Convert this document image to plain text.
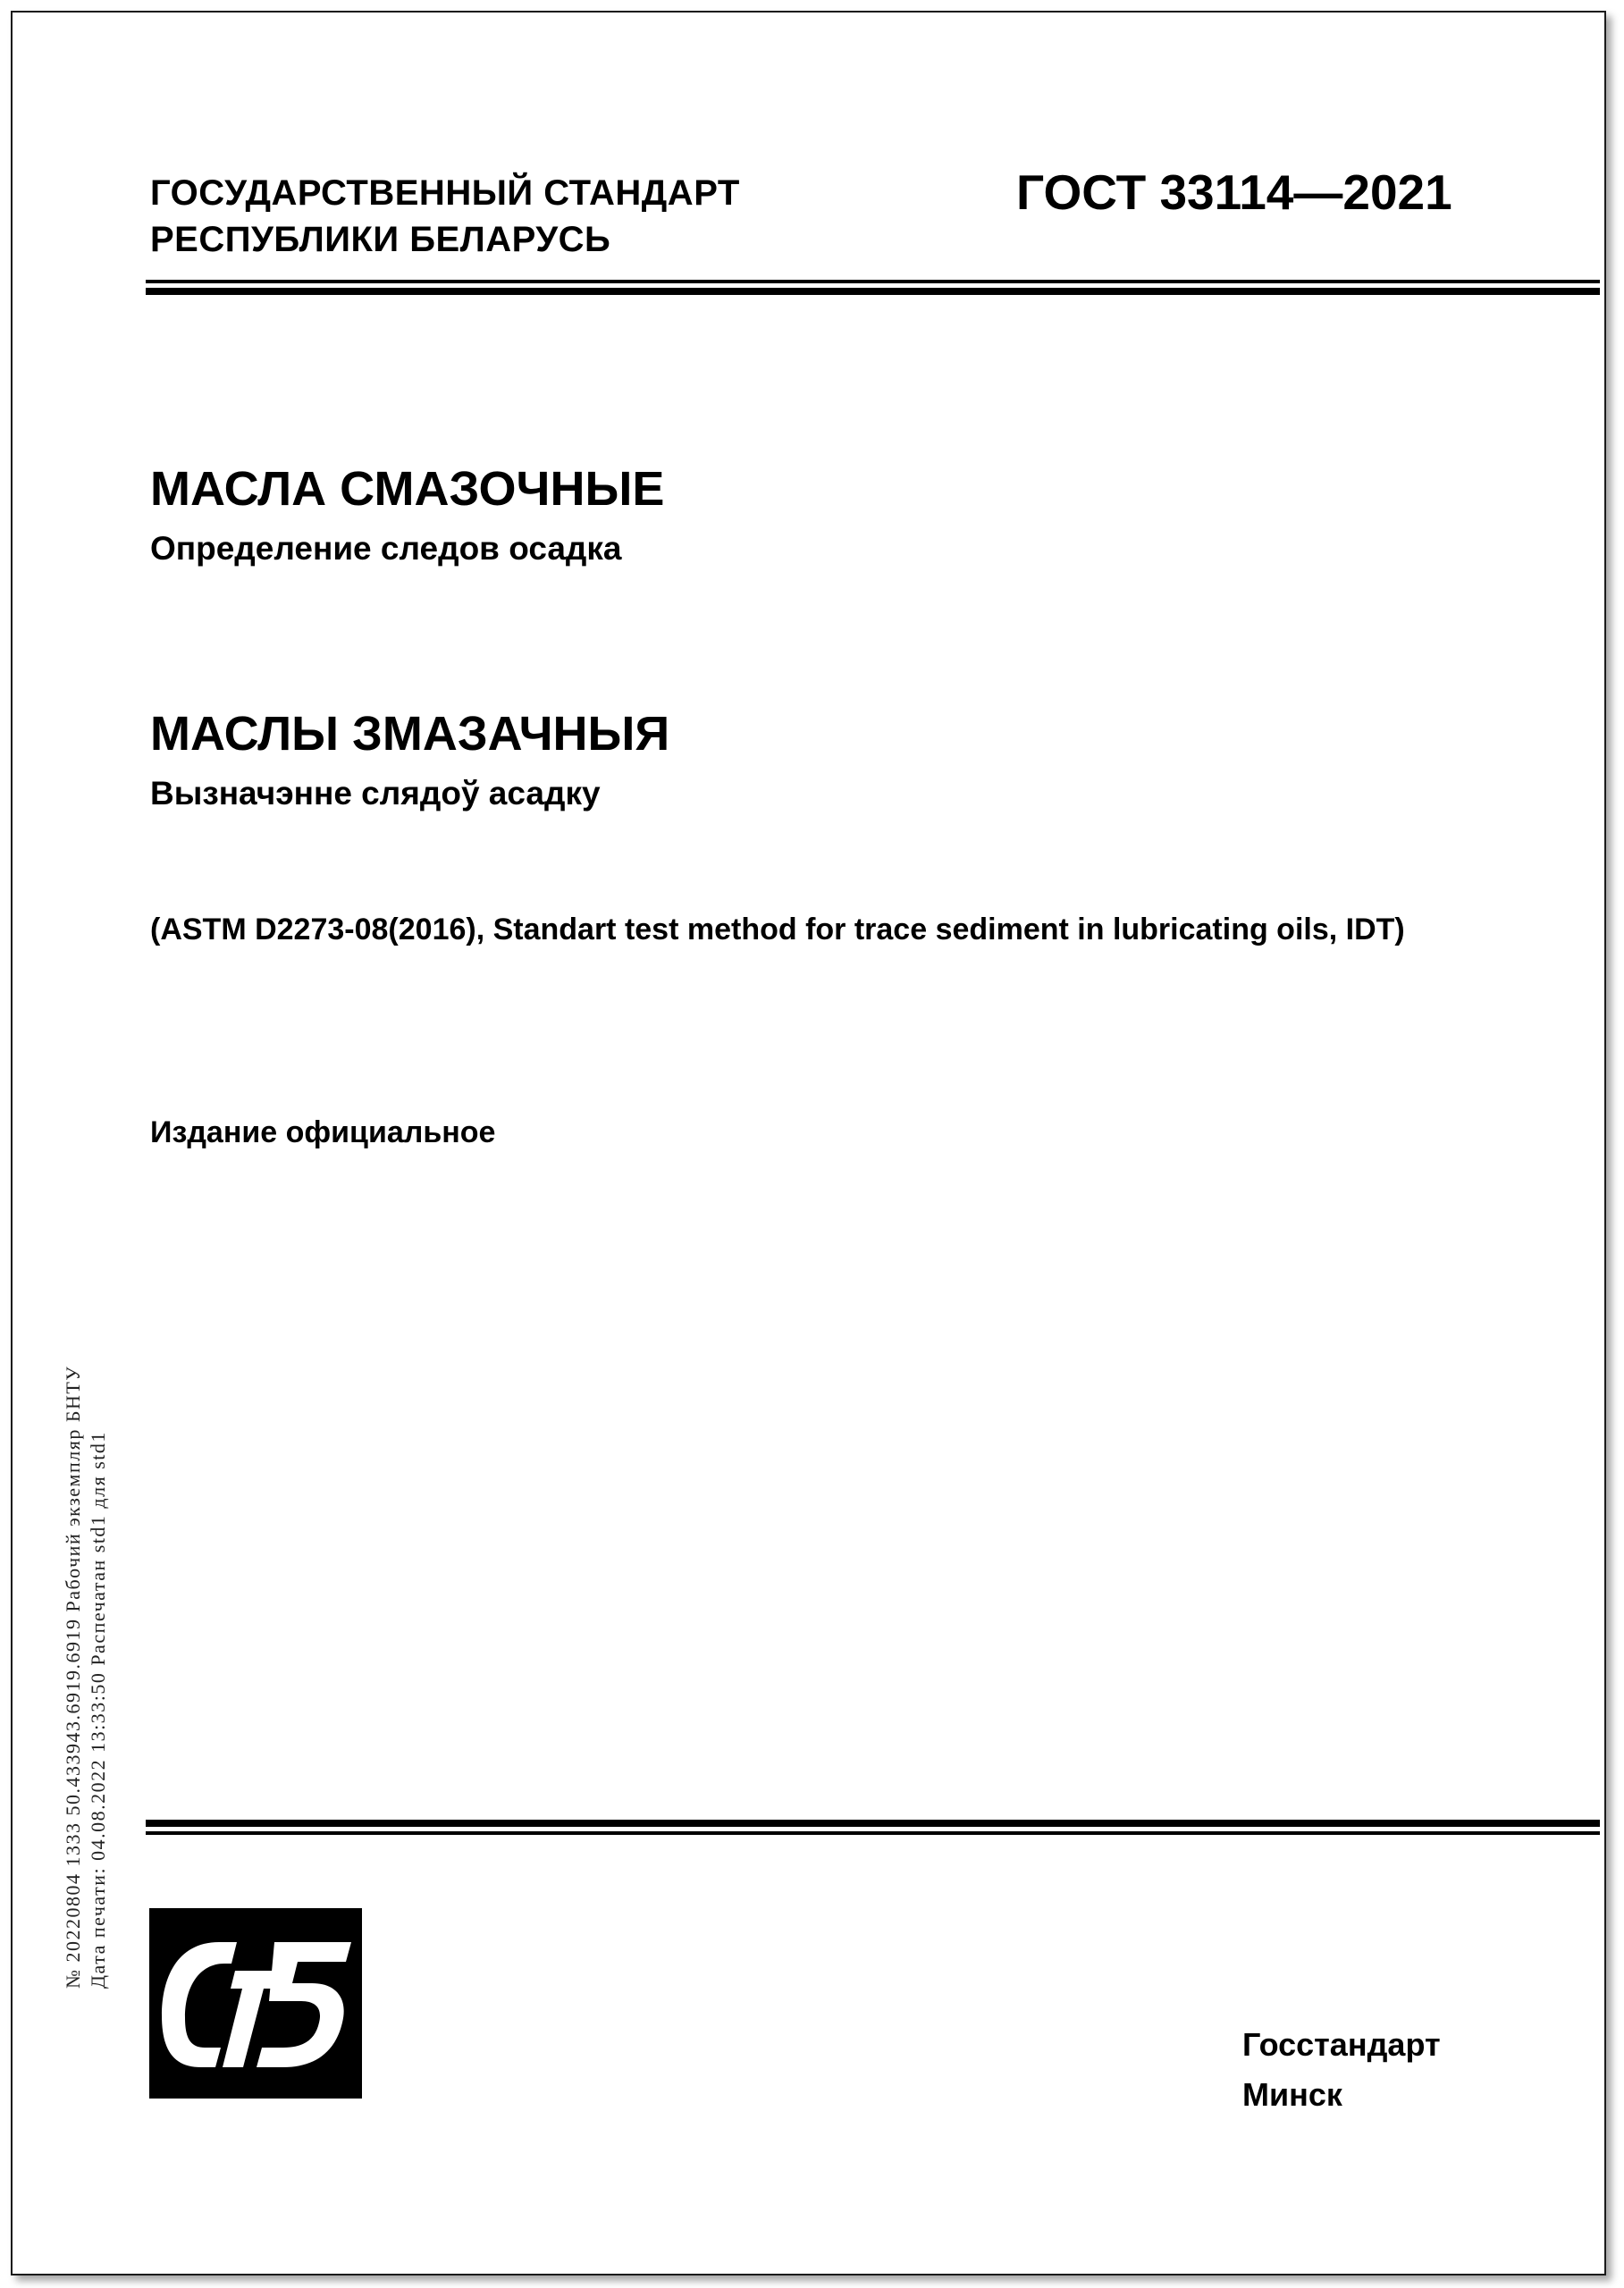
ГОСУДАРСТВЕННЫЙ СТАНДАРТ
РЕСПУБЛИКИ БЕЛАРУСЬ
ГОСТ 33114—2021
МАСЛА СМАЗОЧНЫЕ
Определение следов осадка
МАСЛЫ ЗМАЗАЧНЫЯ
Вызначэнне слядоў асадку
(ASTM D2273-08(2016), Standart test method for trace sediment in lubricating oils, IDT)
Издание официальное
№ 20220804 1333 50.433943.6919.6919 Рабочий экземпляр БНТУ Дата печати: 04.08.2022 13:33:50 Распечатан std1 для std1
Госстандарт
Минск
